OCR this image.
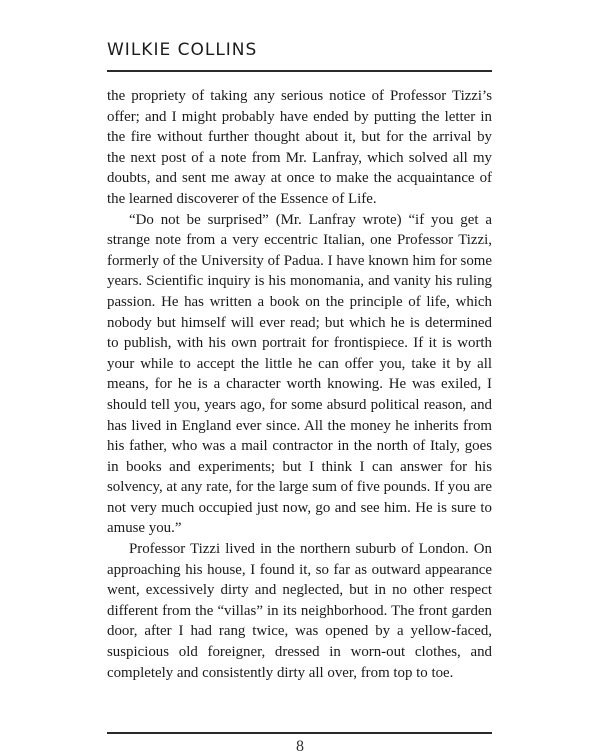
WILKIE COLLINS

the propriety of taking any serious notice of Professor Tizzi’s offer; and I might probably have ended by putting the letter in the fire without further thought about it, but for the arrival by the next post of a note from Mr. Lanfray, which solved all my doubts, and sent me away at once to make the acquaintance of the learned discoverer of the Essence of Life.

“Do not be surprised” (Mr. Lanfray wrote) “if you get a strange note from a very eccentric Italian, one Professor Tizzi, formerly of the University of Padua. I have known him for some years. Scientific inquiry is his monomania, and vanity his ruling passion. He has written a book on the principle of life, which nobody but himself will ever read; but which he is determined to publish, with his own portrait for frontispiece. If it is worth your while to accept the little he can offer you, take it by all means, for he is a character worth knowing. He was exiled, I should tell you, years ago, for some absurd political reason, and has lived in England ever since. All the money he inherits from his father, who was a mail contractor in the north of Italy, goes in books and experiments; but I think I can answer for his solvency, at any rate, for the large sum of five pounds. If you are not very much occupied just now, go and see him. He is sure to amuse you.”

Professor Tizzi lived in the northern suburb of London. On approaching his house, I found it, so far as outward appearance went, excessively dirty and neglected, but in no other respect different from the “villas” in its neighborhood. The front garden door, after I had rang twice, was opened by a yellow-faced, suspicious old foreigner, dressed in worn-out clothes, and completely and consistently dirty all over, from top to toe.

8
